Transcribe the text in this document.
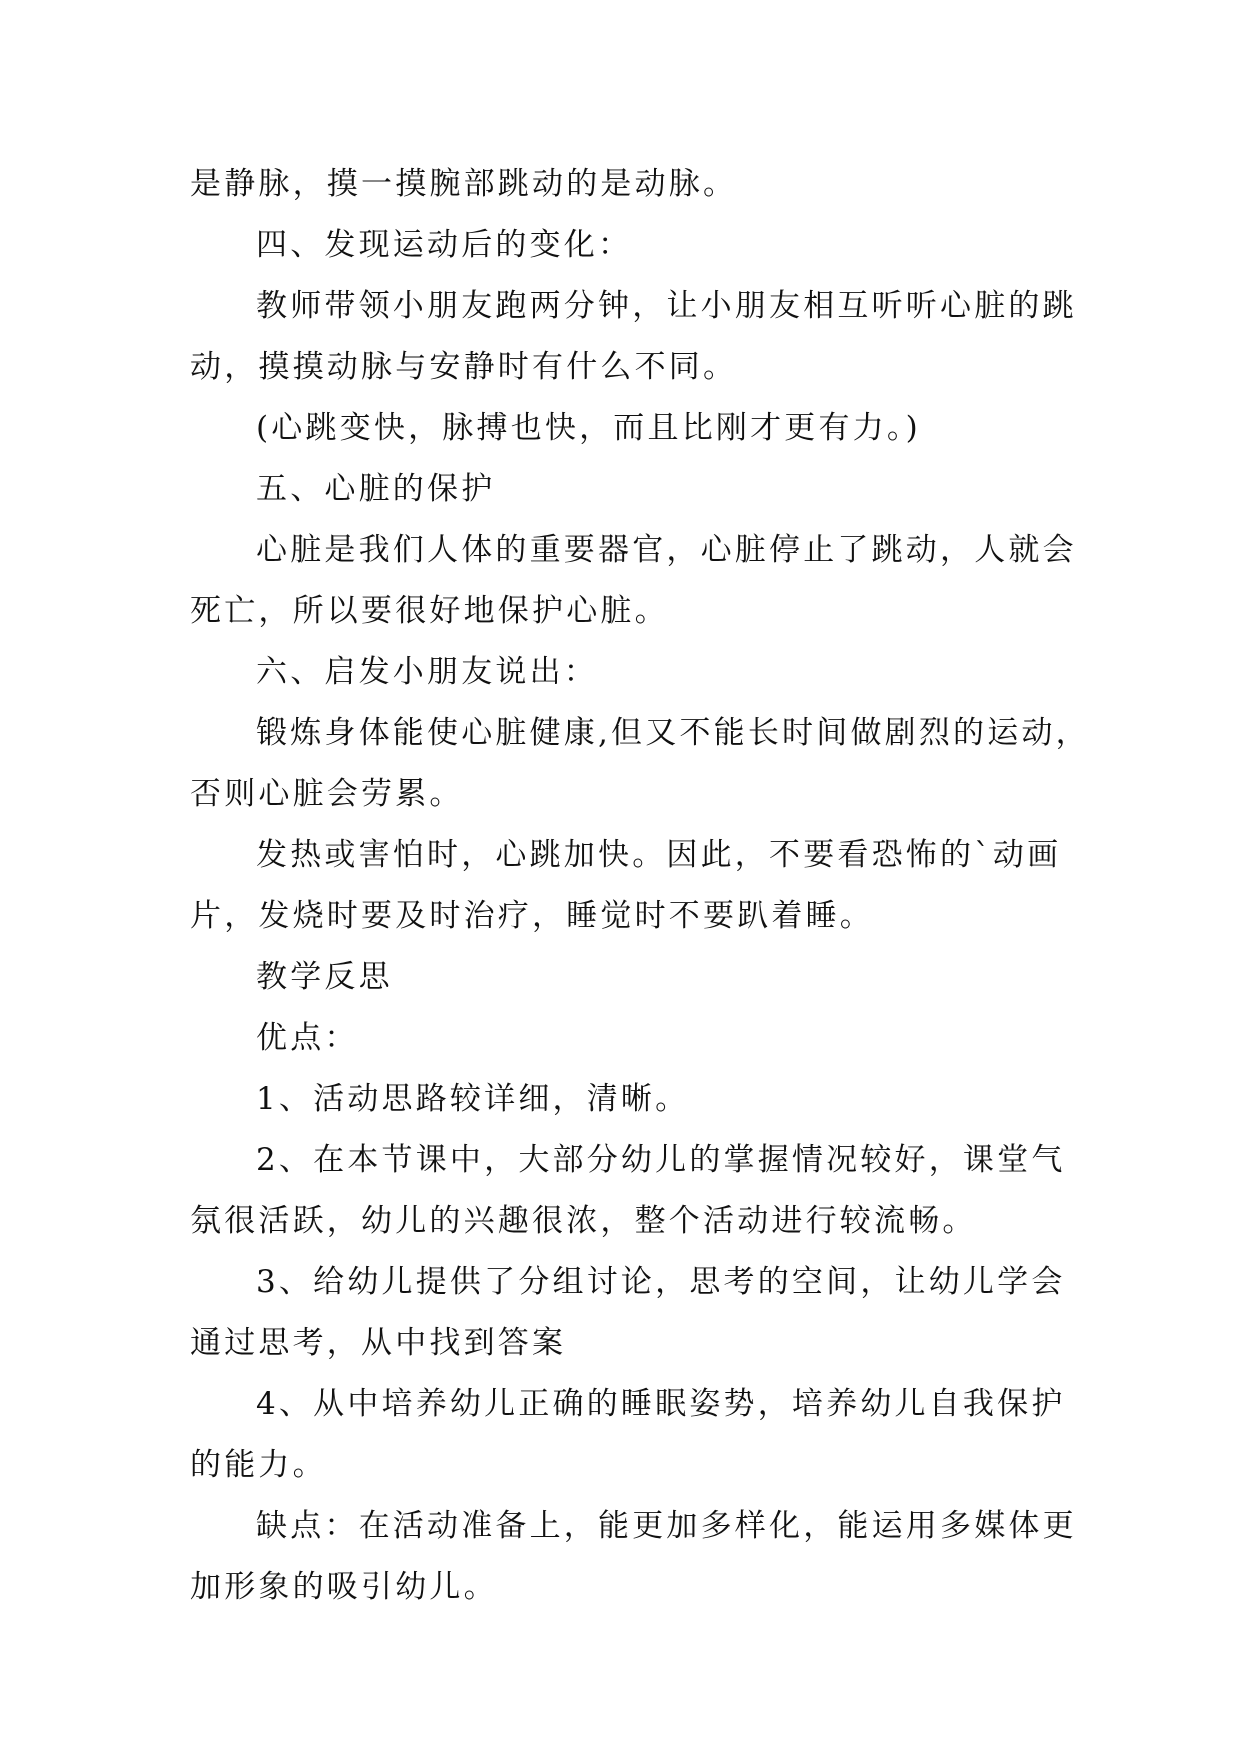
是静脉，摸一摸腕部跳动的是动脉。
四、发现运动后的变化：
教师带领小朋友跑两分钟，让小朋友相互听听心脏的跳
动，摸摸动脉与安静时有什么不同。
(心跳变快，脉搏也快，而且比刚才更有力。)
五、心脏的保护
心脏是我们人体的重要器官，心脏停止了跳动，人就会
死亡，所以要很好地保护心脏。
六、启发小朋友说出：
锻炼身体能使心脏健康,但又不能长时间做剧烈的运动，
否则心脏会劳累。
发热或害怕时，心跳加快。因此，不要看恐怖的`动画
片，发烧时要及时治疗，睡觉时不要趴着睡。
教学反思
优点：
1、活动思路较详细，清晰。
2、在本节课中，大部分幼儿的掌握情况较好，课堂气
氛很活跃，幼儿的兴趣很浓，整个活动进行较流畅。
3、给幼儿提供了分组讨论，思考的空间，让幼儿学会
通过思考，从中找到答案
4、从中培养幼儿正确的睡眠姿势，培养幼儿自我保护
的能力。
缺点：在活动准备上，能更加多样化，能运用多媒体更
加形象的吸引幼儿。
